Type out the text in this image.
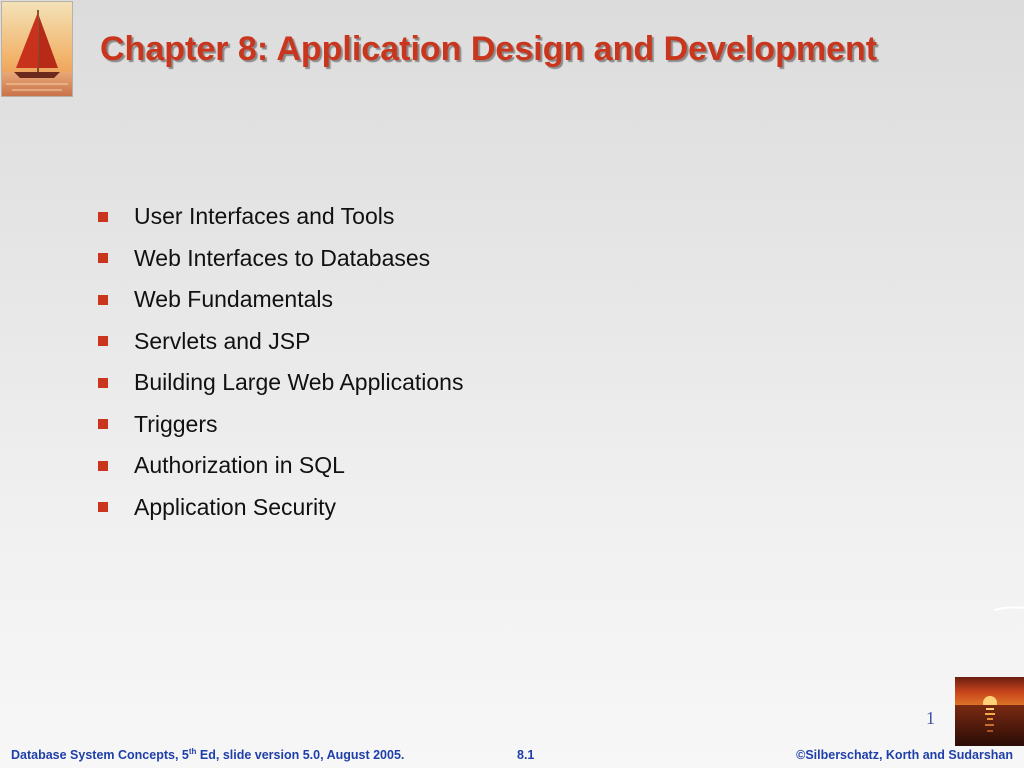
Chapter 8: Application Design and Development
User Interfaces and Tools
Web Interfaces to Databases
Web Fundamentals
Servlets and JSP
Building Large Web Applications
Triggers
Authorization in SQL
Application Security
1
Database System Concepts, 5th Ed, slide version 5.0, August 2005.	8.1	©Silberschatz, Korth and Sudarshan
